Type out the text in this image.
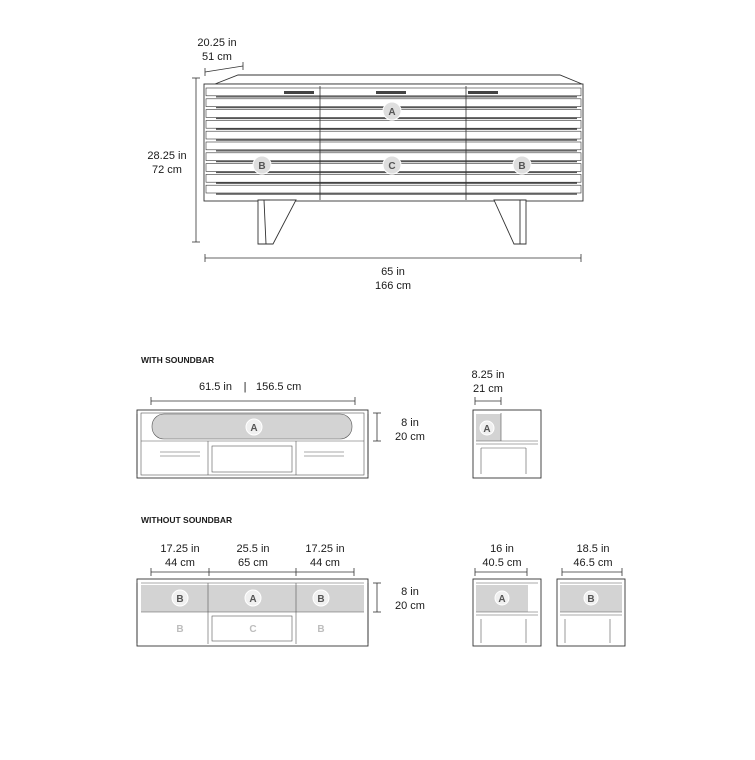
20.25 in
51 cm
28.25 in
72 cm
A
B	C	B
65 in
166 cm
WITH SOUNDBAR
61.5 in | 156.5 cm
A	8 in
20 cm
8.25 in
21 cm
A
WITHOUT SOUNDBAR
17.25 in
44 cm
25.5 in
65 cm
17.25 in
44 cm
B	A	B
B	C	B
8 in
20 cm
16 in
40.5 cm
A
18.5 in
46.5 cm
B
